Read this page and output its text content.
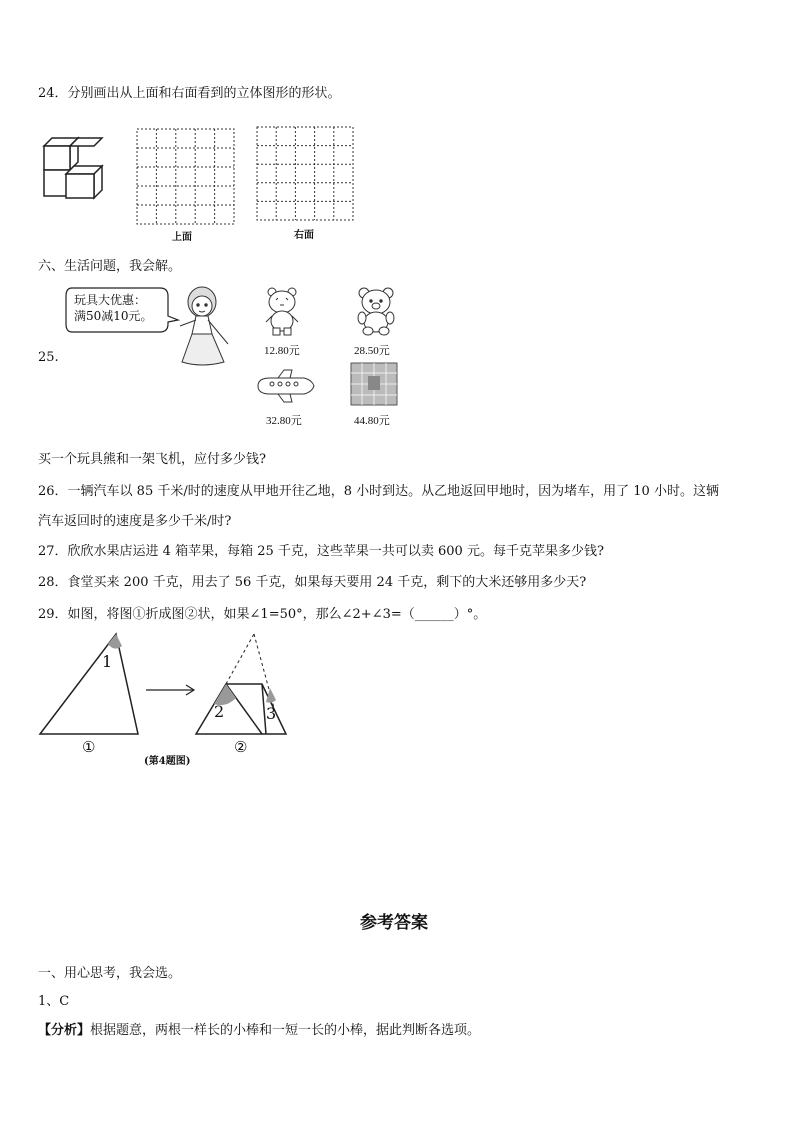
24．分别画出从上面和右面看到的立体图形的形状。
上面	右面
六、生活问题，我会解。
25.
玩具大优惠：
满50减10元。
12.80元	28.50元
32.80元	44.80元
买一个玩具熊和一架飞机，应付多少钱?
26．一辆汽车以 85 千米/时的速度从甲地开往乙地，8 小时到达。从乙地返回甲地时，因为堵车，用了 10 小时。这辆
汽车返回时的速度是多少千米/时?
27．欣欣水果店运进 4 箱苹果，每箱 25 千克，这些苹果一共可以卖 600 元。每千克苹果多少钱?
28．食堂买来 200 千克，用去了 56 千克，如果每天要用 24 千克，剩下的大米还够用多少天?
29．如图，将图①折成图②状，如果∠1=50°，那么∠2+∠3=（______）°。
1
2	3
①	②
(第4题图)
参考答案
一、用心思考，我会选。
1、C
【分析】根据题意，两根一样长的小棒和一短一长的小棒，据此判断各选项。
